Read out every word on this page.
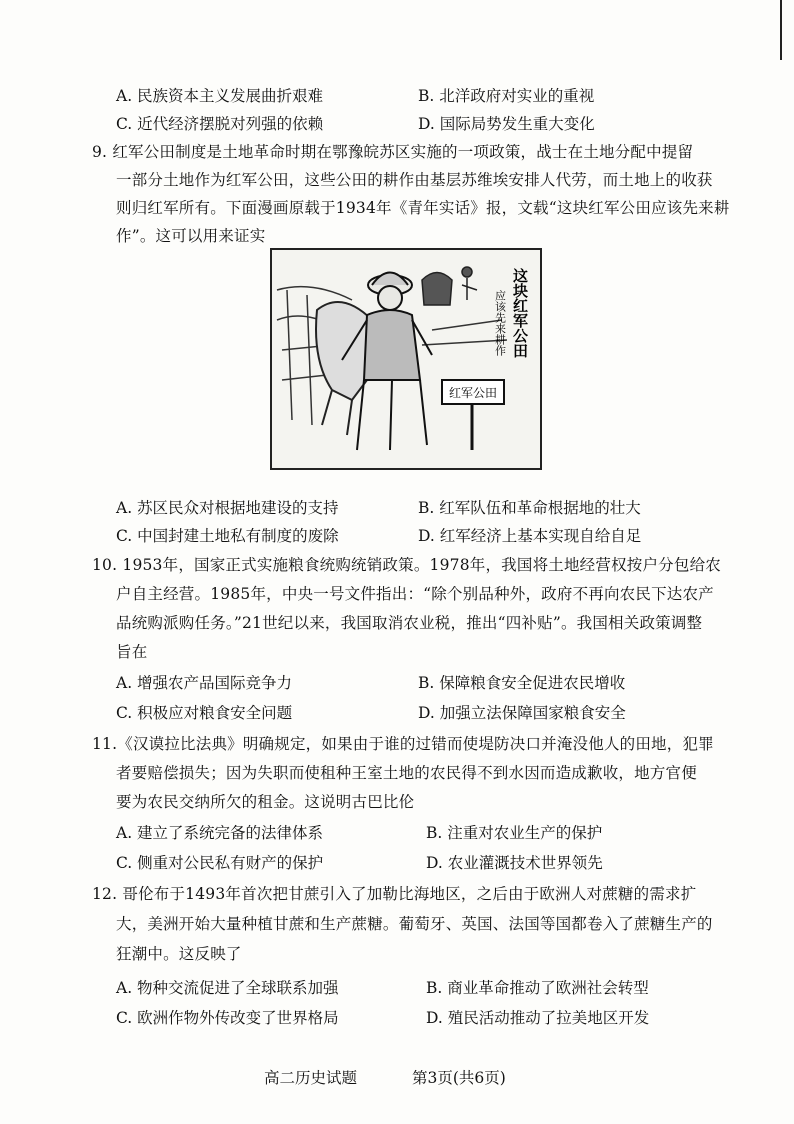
A. 民族资本主义发展曲折艰难	B. 北洋政府对实业的重视
C. 近代经济摆脱对列强的依赖	D. 国际局势发生重大变化
9. 红军公田制度是土地革命时期在鄂豫皖苏区实施的一项政策，战士在土地分配中提留
一部分土地作为红军公田，这些公田的耕作由基层苏维埃安排人代劳，而土地上的收获
则归红军所有。下面漫画原载于1934年《青年实话》报，文载“这块红军公田应该先来耕
作”。这可以用来证实
红军公田
这块红军公田
应该先来耕作
A. 苏区民众对根据地建设的支持	B. 红军队伍和革命根据地的壮大
C. 中国封建土地私有制度的废除	D. 红军经济上基本实现自给自足
10. 1953年，国家正式实施粮食统购统销政策。1978年，我国将土地经营权按户分包给农
户自主经营。1985年，中央一号文件指出：“除个别品种外，政府不再向农民下达农产
品统购派购任务。”21世纪以来，我国取消农业税，推出“四补贴”。我国相关政策调整
旨在
A. 增强农产品国际竞争力	B. 保障粮食安全促进农民增收
C. 积极应对粮食安全问题	D. 加强立法保障国家粮食安全
11.《汉谟拉比法典》明确规定，如果由于谁的过错而使堤防决口并淹没他人的田地，犯罪
者要赔偿损失；因为失职而使租种王室土地的农民得不到水因而造成歉收，地方官便
要为农民交纳所欠的租金。这说明古巴比伦
A. 建立了系统完备的法律体系	B. 注重对农业生产的保护
C. 侧重对公民私有财产的保护	D. 农业灌溉技术世界领先
12. 哥伦布于1493年首次把甘蔗引入了加勒比海地区，之后由于欧洲人对蔗糖的需求扩
大，美洲开始大量种植甘蔗和生产蔗糖。葡萄牙、英国、法国等国都卷入了蔗糖生产的
狂潮中。这反映了
A. 物种交流促进了全球联系加强	B. 商业革命推动了欧洲社会转型
C. 欧洲作物外传改变了世界格局	D. 殖民活动推动了拉美地区开发
高二历史试题	第3页(共6页)
